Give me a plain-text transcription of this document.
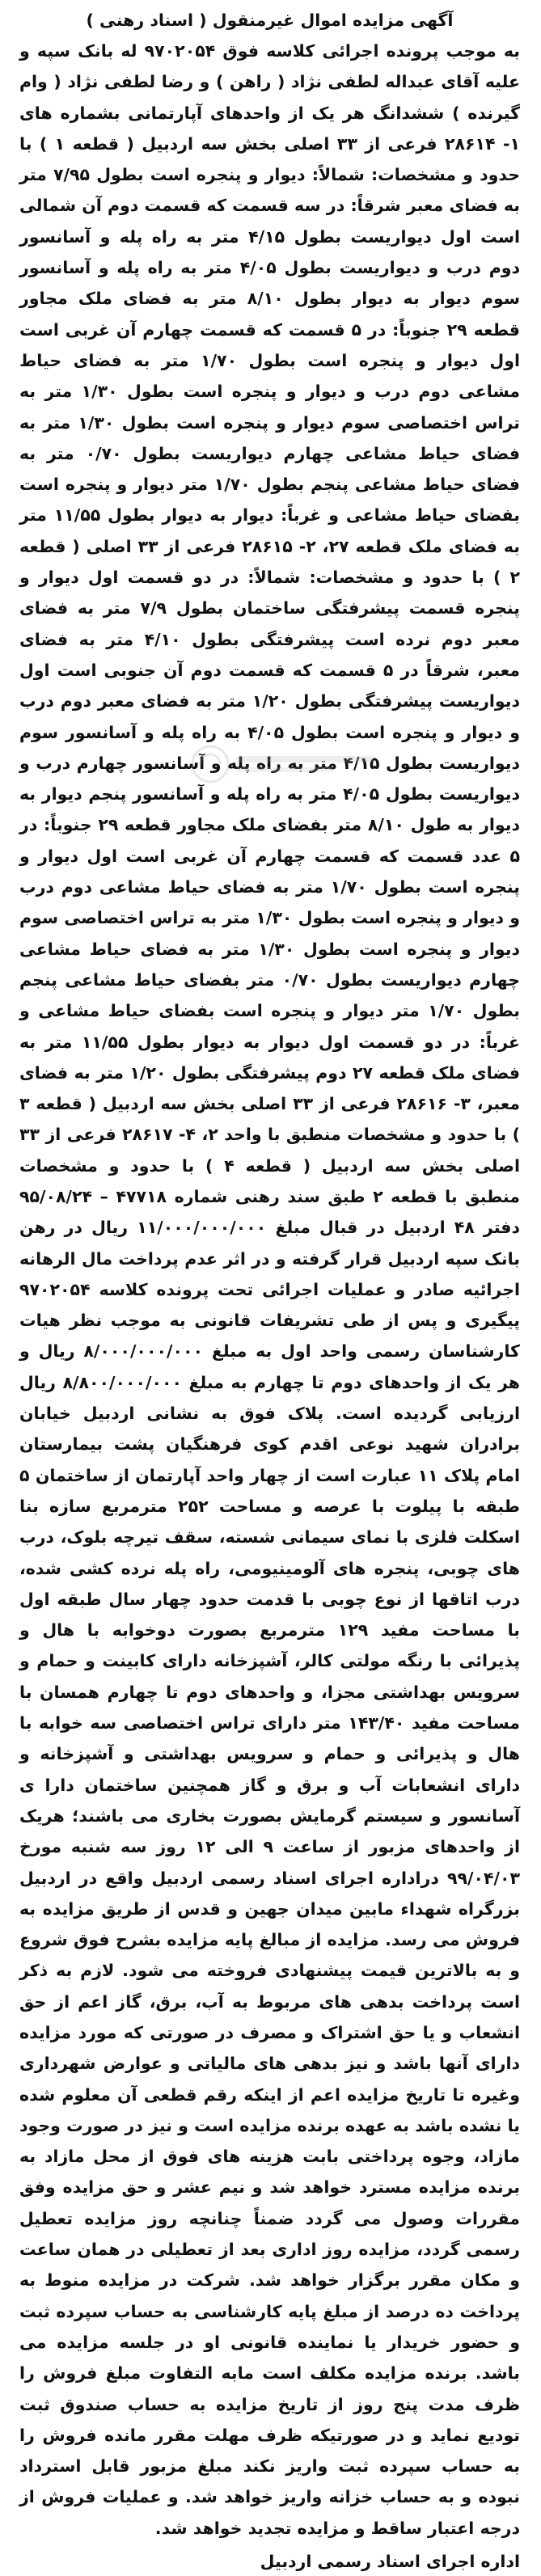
آگهی مزایده اموال غیرمنقول ( اسناد رهنی )

به موجب پرونده اجرائی کلاسه فوق ۹۷۰۲۰۵۴ له بانک سپه و علیه آقای عبداله لطفی نژاد ( راهن ) و رضا لطفی نژاد ( وام گیرنده ) ششدانگ هر یک از واحدهای آپارتمانی بشماره های ۱- ۲۸۶۱۴ فرعی از ۳۳ اصلی بخش سه اردبیل ( قطعه ۱ ) با حدود و مشخصات: شمالاً: دیوار و پنجره است بطول ۷/۹۵ متر به فضای معبر شرقاً: در سه قسمت که قسمت دوم آن شمالی است اول دیواریست بطول ۴/۱۵ متر به راه پله و آسانسور دوم درب و دیواریست بطول ۴/۰۵ متر به راه پله و آسانسور سوم دیوار به دیوار بطول ۸/۱۰ متر به فضای ملک مجاور قطعه ۲۹ جنوباً: در ۵ قسمت که قسمت چهارم آن غربی است اول دیوار و پنجره است بطول ۱/۷۰ متر به فضای حیاط مشاعی دوم درب و دیوار و پنجره است بطول ۱/۳۰ متر به تراس اختصاصی سوم دیوار و پنجره است بطول ۱/۳۰ متر به فضای حیاط مشاعی چهارم دیواریست بطول ۰/۷۰ متر به فضای حیاط مشاعی پنجم بطول ۱/۷۰ متر دیوار و پنجره است بفضای حیاط مشاعی و غرباً: دیوار به دیوار بطول ۱۱/۵۵ متر به فضای ملک قطعه ۲۷، ۲- ۲۸۶۱۵ فرعی از ۳۳ اصلی ( قطعه ۲ ) با حدود و مشخصات: شمالاً: در دو قسمت اول دیوار و پنجره قسمت پیشرفتگی ساختمان بطول ۷/۹ متر به فضای معبر دوم نرده است پیشرفتگی بطول ۴/۱۰ متر به فضای معبر، شرقاً در ۵ قسمت که قسمت دوم آن جنوبی است اول دیواریست پیشرفتگی بطول ۱/۲۰ متر به فضای معبر دوم درب و دیوار و پنجره است بطول ۴/۰۵ به راه پله و آسانسور سوم دیواریست بطول ۴/۱۵ متر به راه پله و آسانسور چهارم درب و دیواریست بطول ۴/۰۵ متر به راه پله و آسانسور پنجم دیوار به دیوار به طول ۸/۱۰ متر بفضای ملک مجاور قطعه ۲۹ جنوباً: در ۵ عدد قسمت که قسمت چهارم آن غربی است اول دیوار و پنجره است بطول ۱/۷۰ متر به فضای حیاط مشاعی دوم درب و دیوار و پنجره است بطول ۱/۳۰ متر به تراس اختصاصی سوم دیوار و پنجره است بطول ۱/۳۰ متر به فضای حیاط مشاعی چهارم دیواریست بطول ۰/۷۰ متر بفضای حیاط مشاعی پنجم بطول ۱/۷۰ متر دیوار و پنجره است بفضای حیاط مشاعی و غرباً: در دو قسمت اول دیوار به دیوار بطول ۱۱/۵۵ متر به فضای ملک قطعه ۲۷ دوم پیشرفتگی بطول ۱/۲۰ متر به فضای معبر، ۳- ۲۸۶۱۶ فرعی از ۳۳ اصلی بخش سه اردبیل ( قطعه ۳ ) با حدود و مشخصات منطبق با واحد ۲، ۴- ۲۸۶۱۷ فرعی از ۳۳ اصلی بخش سه اردبیل ( قطعه ۴ ) با حدود و مشخصات منطبق با قطعه ۲ طبق سند رهنی شماره ۴۷۷۱۸ – ۹۵/۰۸/۲۴ دفتر ۴۸ اردبیل در قبال مبلغ ۱۱/۰۰۰/۰۰۰/۰۰۰ ریال در رهن بانک سپه اردبیل قرار گرفته و در اثر عدم پرداخت مال الرهانه اجرائیه صادر و عملیات اجرائی تحت پرونده کلاسه ۹۷۰۲۰۵۴ پیگیری و پس از طی تشریفات قانونی به موجب نظر هیات کارشناسان رسمی واحد اول به مبلغ ۸/۰۰۰/۰۰۰/۰۰۰ ریال و هر یک از واحدهای دوم تا چهارم به مبلغ ۸/۸۰۰/۰۰۰/۰۰۰ ریال ارزیابی گردیده است. پلاک فوق به نشانی اردبیل خیابان برادران شهید نوعی اقدم کوی فرهنگیان پشت بیمارستان امام پلاک ۱۱ عبارت است از چهار واحد آپارتمان از ساختمان ۵ طبقه با پیلوت با عرصه و مساحت ۲۵۲ مترمربع سازه بنا اسکلت فلزی با نمای سیمانی شسته، سقف تیرچه بلوک، درب های چوبی، پنجره های آلومینیومی، راه پله نرده کشی شده، درب اتاقها از نوع چوبی با قدمت حدود چهار سال طبقه اول با مساحت مفید ۱۲۹ مترمربع بصورت دوخوابه با هال و پذیرائی با رنگه مولتی کالر، آشپزخانه دارای کابینت و حمام و سرویس بهداشتی مجزا، و واحدهای دوم تا چهارم همسان با مساحت مفید ۱۴۳/۴۰ متر دارای تراس اختصاصی سه خوابه با هال و پذیرائی و حمام و سرویس بهداشتی و آشپزخانه و دارای انشعابات آب و برق و گاز همچنین ساختمان دارا ی آسانسور و سیستم گرمایش بصورت بخاری می باشند؛ هریک از واحدهای مزبور از ساعت ۹ الی ۱۲ روز سه شنبه مورخ ۹۹/۰۴/۰۳ دراداره اجرای اسناد رسمی اردبیل واقع در اردبیل بزرگراه شهداء مابین میدان جهین و قدس از طریق مزایده به فروش می رسد. مزایده از مبالغ پایه مزایده بشرح فوق شروع و به بالاترین قیمت پیشنهادی فروخته می شود. لازم به ذکر است پرداخت بدهی های مربوط به آب، برق، گاز اعم از حق انشعاب و یا حق اشتراک و مصرف در صورتی که مورد مزایده دارای آنها باشد و نیز بدهی های مالیاتی و عوارض شهرداری وغیره تا تاریخ مزایده اعم از اینکه رقم قطعی آن معلوم شده یا نشده باشد به عهده برنده مزایده است و نیز در صورت وجود مازاد، وجوه پرداختی بابت هزینه های فوق از محل مازاد به برنده مزایده مسترد خواهد شد و نیم عشر و حق مزایده وفق مقررات وصول می گردد ضمناً چنانچه روز مزایده تعطیل رسمی گردد، مزایده روز اداری بعد از تعطیلی در همان ساعت و مکان مقرر برگزار خواهد شد. شرکت در مزایده منوط به پرداخت ده درصد از مبلغ پایه کارشناسی به حساب سپرده ثبت و حضور خریدار یا نماینده قانونی او در جلسه مزایده می باشد. برنده مزایده مکلف است مابه التفاوت مبلغ فروش را ظرف مدت پنج روز از تاریخ مزایده به حساب صندوق ثبت تودیع نماید و در صورتیکه ظرف مهلت مقرر مانده فروش را به حساب سپرده ثبت واریز نکند مبلغ مزبور قابل استرداد نبوده و به حساب خزانه واریز خواهد شد. و عملیات فروش از درجه اعتبار ساقط و مزایده تجدید خواهد شد.

اداره اجرای اسناد رسمی اردبیل
